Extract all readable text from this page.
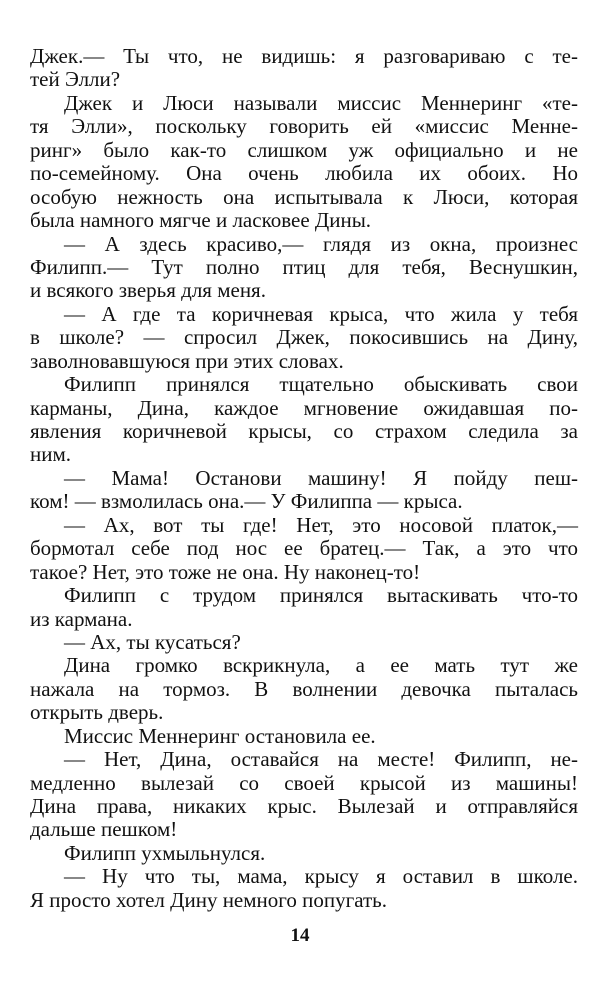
Джек.— Ты что, не видишь: я разговариваю с те-
тей Элли?
Джек и Люси называли миссис Меннеринг «те-
тя Элли», поскольку говорить ей «миссис Менне-
ринг» было как-то слишком уж официально и не
по-семейному. Она очень любила их обоих. Но
особую нежность она испытывала к Люси, которая
была намного мягче и ласковее Дины.
— А здесь красиво,— глядя из окна, произнес
Филипп.— Тут полно птиц для тебя, Веснушкин,
и всякого зверья для меня.
— А где та коричневая крыса, что жила у тебя
в школе? — спросил Джек, покосившись на Дину,
заволновавшуюся при этих словах.
Филипп принялся тщательно обыскивать свои
карманы, Дина, каждое мгновение ожидавшая по-
явления коричневой крысы, со страхом следила за
ним.
— Мама! Останови машину! Я пойду пеш-
ком! — взмолилась она.— У Филиппа — крыса.
— Ах, вот ты где! Нет, это носовой платок,—
бормотал себе под нос ее братец.— Так, а это что
такое? Нет, это тоже не она. Ну наконец-то!
Филипп с трудом принялся вытаскивать что-то
из кармана.
— Ах, ты кусаться?
Дина громко вскрикнула, а ее мать тут же
нажала на тормоз. В волнении девочка пыталась
открыть дверь.
Миссис Меннеринг остановила ее.
— Нет, Дина, оставайся на месте! Филипп, не-
медленно вылезай со своей крысой из машины!
Дина права, никаких крыс. Вылезай и отправляйся
дальше пешком!
Филипп ухмыльнулся.
— Ну что ты, мама, крысу я оставил в школе.
Я просто хотел Дину немного попугать.
14
